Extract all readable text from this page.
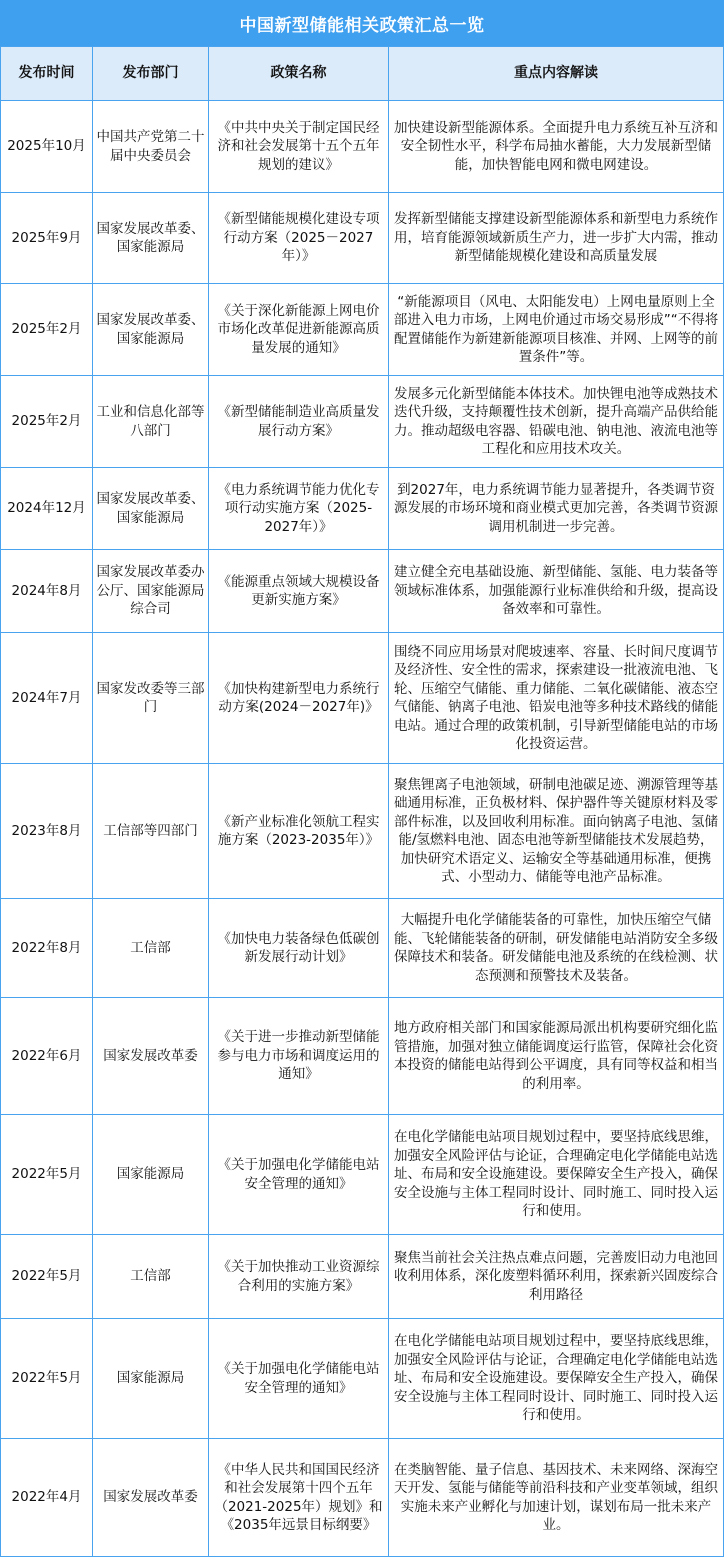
中国新型储能相关政策汇总一览
发布时间	发布部门	政策名称	重点内容解读
2025年10月	中国共产党第二十届中央委员会	《中共中央关于制定国民经济和社会发展第十五个五年规划的建议》	加快建设新型能源体系。全面提升电力系统互补互济和安全韧性水平，科学布局抽水蓄能，大力发展新型储能，加快智能电网和微电网建设。
2025年9月	国家发展改革委、国家能源局	《新型储能规模化建设专项行动方案（2025－2027年）》	发挥新型储能支撑建设新型能源体系和新型电力系统作用，培育能源领域新质生产力，进一步扩大内需，推动新型储能规模化建设和高质量发展
2025年2月	国家发展改革委、国家能源局	《关于深化新能源上网电价市场化改革促进新能源高质量发展的通知》	“新能源项目（风电、太阳能发电）上网电量原则上全部进入电力市场，上网电价通过市场交易形成”“不得将配置储能作为新建新能源项目核准、并网、上网等的前置条件”等。
2025年2月	工业和信息化部等八部门	《新型储能制造业高质量发展行动方案》	发展多元化新型储能本体技术。加快锂电池等成熟技术迭代升级，支持颠覆性技术创新，提升高端产品供给能力。推动超级电容器、铅碳电池、钠电池、液流电池等工程化和应用技术攻关。
2024年12月	国家发展改革委、国家能源局	《电力系统调节能力优化专项行动实施方案（2025-2027年）》	到2027年，电力系统调节能力显著提升，各类调节资源发展的市场环境和商业模式更加完善，各类调节资源调用机制进一步完善。
2024年8月	国家发展改革委办公厅、国家能源局综合司	《能源重点领域大规模设备更新实施方案》	建立健全充电基础设施、新型储能、氢能、电力装备等领域标准体系，加强能源行业标准供给和升级，提高设备效率和可靠性。
2024年7月	国家发改委等三部门	《加快构建新型电力系统行动方案(2024－2027年)》	围绕不同应用场景对爬坡速率、容量、长时间尺度调节及经济性、安全性的需求，探索建设一批液流电池、飞轮、压缩空气储能、重力储能、二氧化碳储能、液态空气储能、钠离子电池、铅炭电池等多种技术路线的储能电站。通过合理的政策机制，引导新型储能电站的市场化投资运营。
2023年8月	工信部等四部门	《新产业标准化领航工程实施方案（2023-2035年）》	聚焦锂离子电池领域，研制电池碳足迹、溯源管理等基础通用标准，正负极材料、保护器件等关键原材料及零部件标准，以及回收利用标准。面向钠离子电池、氢储能/氢燃料电池、固态电池等新型储能技术发展趋势，加快研究术语定义、运输安全等基础通用标准，便携式、小型动力、储能等电池产品标准。
2022年8月	工信部	《加快电力装备绿色低碳创新发展行动计划》	大幅提升电化学储能装备的可靠性，加快压缩空气储能、飞轮储能装备的研制，研发储能电站消防安全多级保障技术和装备。研发储能电池及系统的在线检测、状态预测和预警技术及装备。
2022年6月	国家发展改革委	《关于进一步推动新型储能参与电力市场和调度运用的通知》	地方政府相关部门和国家能源局派出机构要研究细化监管措施，加强对独立储能调度运行监管，保障社会化资本投资的储能电站得到公平调度，具有同等权益和相当的利用率。
2022年5月	国家能源局	《关于加强电化学储能电站安全管理的通知》	在电化学储能电站项目规划过程中，要坚持底线思维，加强安全风险评估与论证，合理确定电化学储能电站选址、布局和安全设施建设。要保障安全生产投入，确保安全设施与主体工程同时设计、同时施工、同时投入运行和使用。
2022年5月	工信部	《关于加快推动工业资源综合利用的实施方案》	聚焦当前社会关注热点难点问题，完善废旧动力电池回收利用体系，深化废塑料循环利用，探索新兴固废综合利用路径
2022年5月	国家能源局	《关于加强电化学储能电站安全管理的通知》	在电化学储能电站项目规划过程中，要坚持底线思维，加强安全风险评估与论证，合理确定电化学储能电站选址、布局和安全设施建设。要保障安全生产投入，确保安全设施与主体工程同时设计、同时施工、同时投入运行和使用。
2022年4月	国家发展改革委	《中华人民共和国国民经济和社会发展第十四个五年（2021-2025年）规划》和《2035年远景目标纲要》	在类脑智能、量子信息、基因技术、未来网络、深海空天开发、氢能与储能等前沿科技和产业变革领域，组织实施未来产业孵化与加速计划，谋划布局一批未来产业。
